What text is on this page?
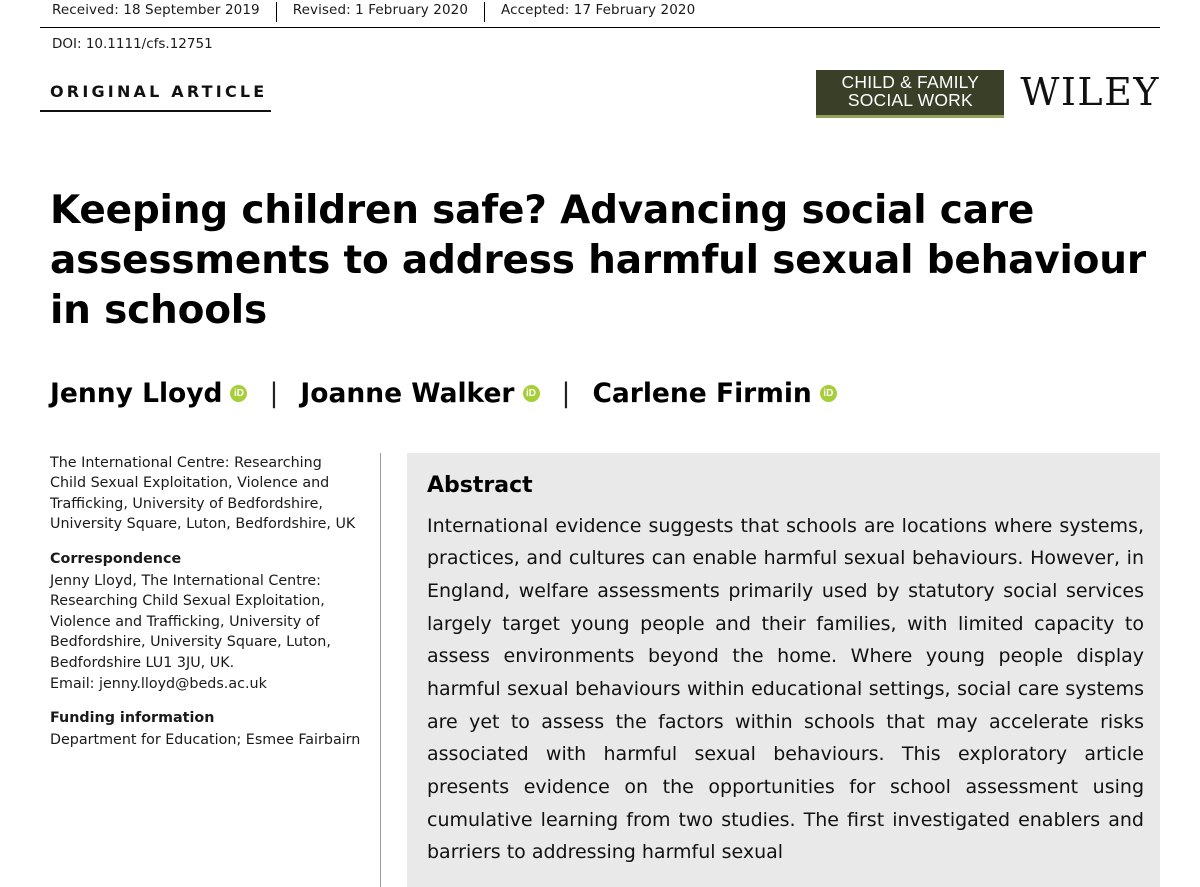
Received: 18 September 2019	Revised: 1 February 2020	Accepted: 17 February 2020
DOI: 10.1111/cfs.12751
ORIGINAL ARTICLE	CHILD & FAMILY
SOCIAL WORK	WILEY
Keeping children safe? Advancing social care assessments to address harmful sexual behaviour in schools
Jenny Lloyd iD | Joanne Walker iD | Carlene Firmin
iD

The International Centre: Researching Child Sexual Exploitation, Violence and Trafficking, University of Bedfordshire, University Square, Luton, Bedfordshire, UK

Correspondence

Jenny Lloyd, The International Centre: Researching Child Sexual Exploitation, Violence and Trafficking, University of Bedfordshire, University Square, Luton, Bedfordshire LU1 3JU, UK.

Email: jenny.lloyd@beds.ac.uk

Funding information

Department for Education; Esmee Fairbairn

Abstract

International evidence suggests that schools are locations where systems, practices, and cultures can enable harmful sexual behaviours. However, in England, welfare assessments primarily used by statutory social services largely target young people and their families, with limited capacity to assess environments beyond the home. Where young people display harmful sexual behaviours within educational settings, social care systems are yet to assess the factors within schools that may accelerate risks associated with harmful sexual behaviours. This exploratory article presents evidence on the opportunities for school assessment using cumulative learning from two studies. The first investigated enablers and barriers to addressing harmful sexual
